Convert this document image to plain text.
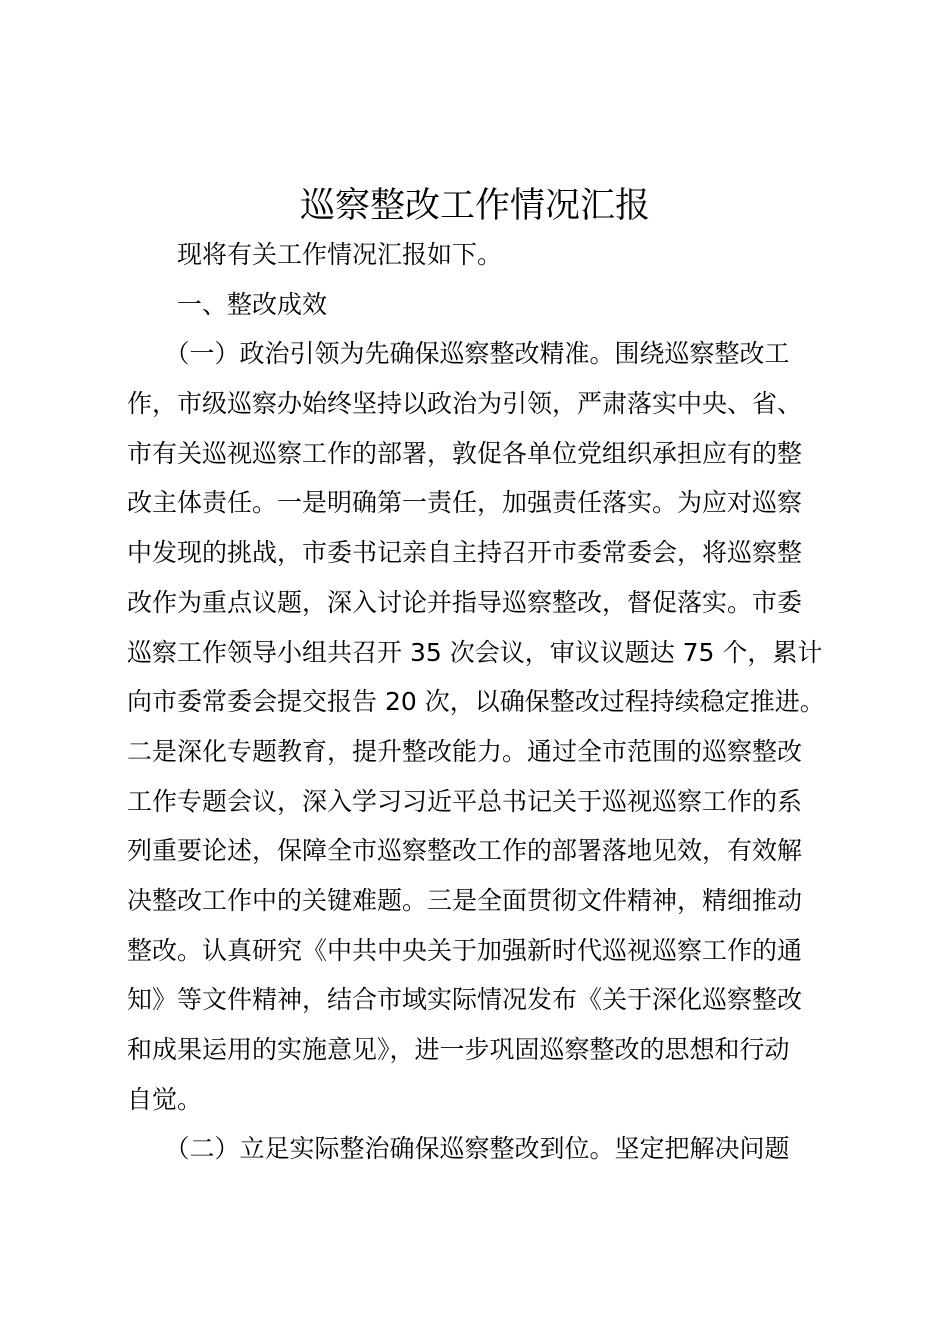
巡察整改工作情况汇报
　　现将有关工作情况汇报如下。
　　一、整改成效
　　（一）政治引领为先确保巡察整改精准。围绕巡察整改工
作，市级巡察办始终坚持以政治为引领，严肃落实中央、省、
市有关巡视巡察工作的部署，敦促各单位党组织承担应有的整
改主体责任。一是明确第一责任，加强责任落实。为应对巡察
中发现的挑战，市委书记亲自主持召开市委常委会，将巡察整
改作为重点议题，深入讨论并指导巡察整改，督促落实。市委
巡察工作领导小组共召开 35 次会议，审议议题达 75 个，累计
向市委常委会提交报告 20 次，以确保整改过程持续稳定推进。
二是深化专题教育，提升整改能力。通过全市范围的巡察整改
工作专题会议，深入学习习近平总书记关于巡视巡察工作的系
列重要论述，保障全市巡察整改工作的部署落地见效，有效解
决整改工作中的关键难题。三是全面贯彻文件精神，精细推动
整改。认真研究《中共中央关于加强新时代巡视巡察工作的通
知》等文件精神，结合市域实际情况发布《关于深化巡察整改
和成果运用的实施意见》，进一步巩固巡察整改的思想和行动
自觉。
　　（二）立足实际整治确保巡察整改到位。坚定把解决问题
